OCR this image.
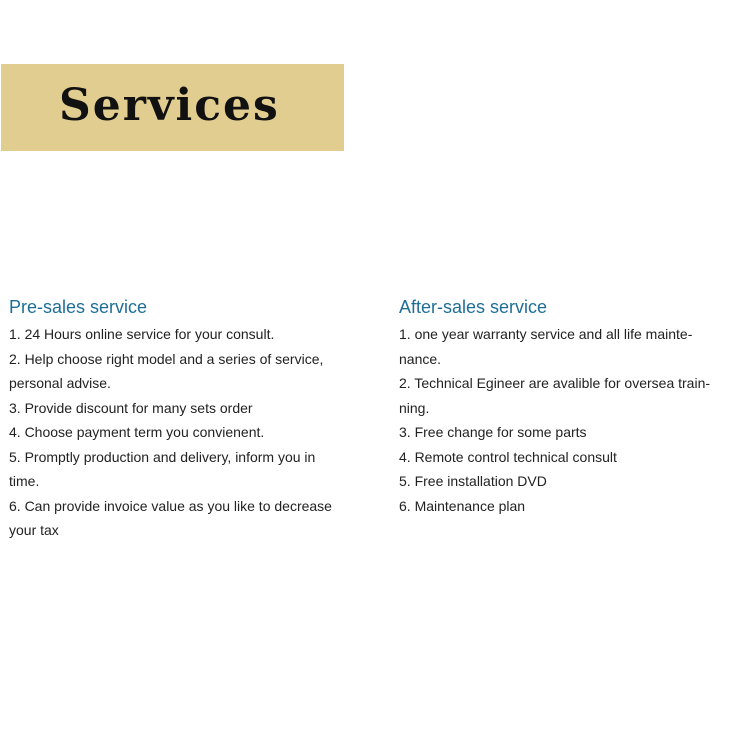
Services
Pre-sales service
1. 24 Hours online service for your consult.
2. Help choose right model and a series of service,
personal advise.
3. Provide discount for many sets order
4. Choose payment term you convienent.
5. Promptly production and delivery, inform you in
time.
6. Can provide invoice value as you like to decrease
your tax
After-sales service
1. one year warranty service and all life mainte-
nance.
2. Technical Egineer are avalible for oversea train-
ning.
3. Free change for some parts
4. Remote control technical consult
5. Free installation DVD
6. Maintenance plan
